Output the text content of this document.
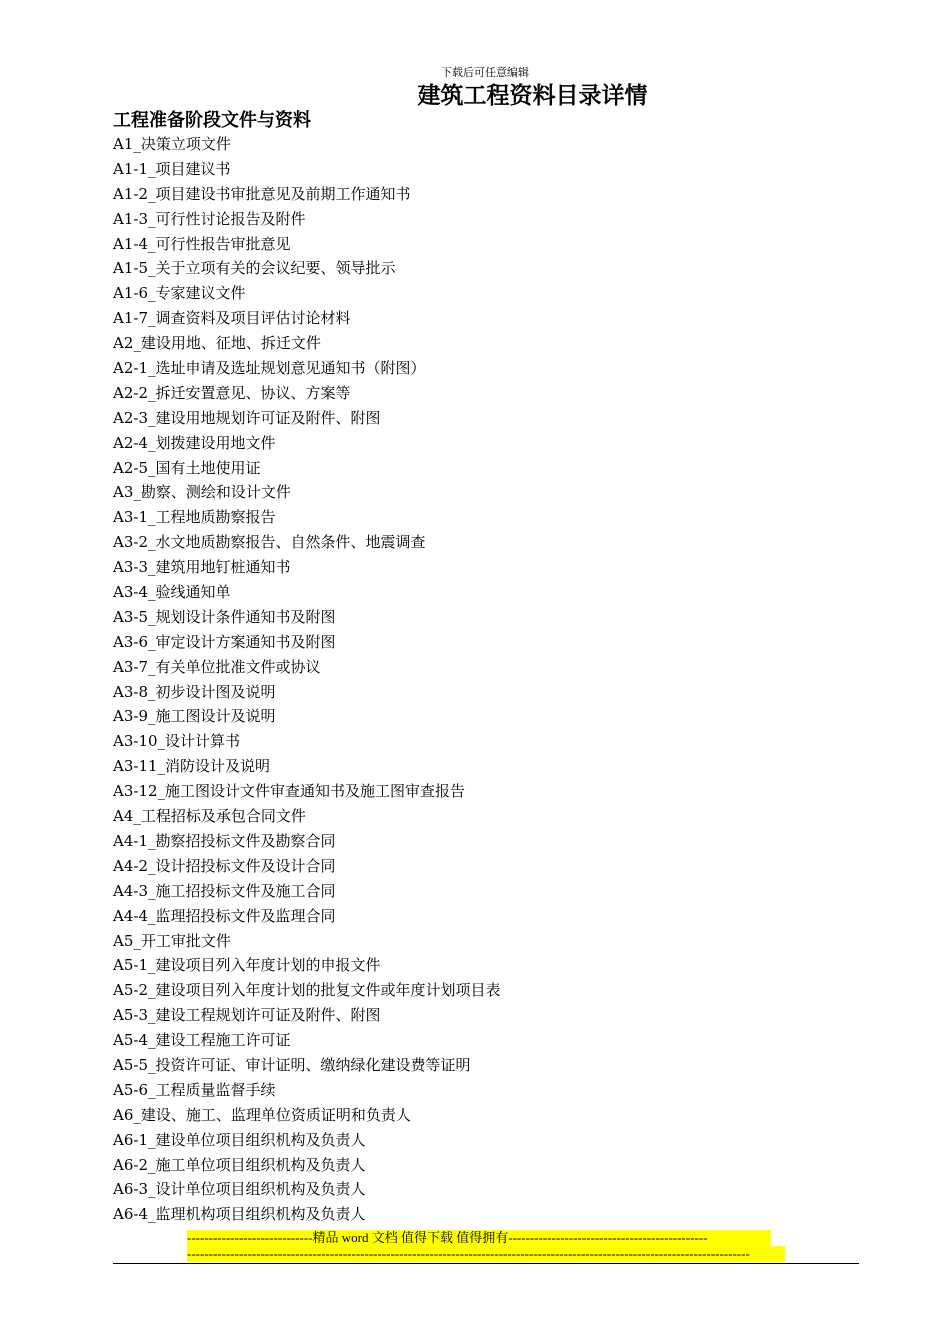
下载后可任意编辑
建筑工程资料目录详情
工程准备阶段文件与资料
A1_决策立项文件
A1-1_项目建议书
A1-2_项目建设书审批意见及前期工作通知书
A1-3_可行性讨论报告及附件
A1-4_可行性报告审批意见
A1-5_关于立项有关的会议纪要、领导批示
A1-6_专家建议文件
A1-7_调查资料及项目评估讨论材料
A2_建设用地、征地、拆迁文件
A2-1_选址申请及选址规划意见通知书（附图）
A2-2_拆迁安置意见、协议、方案等
A2-3_建设用地规划许可证及附件、附图
A2-4_划拨建设用地文件
A2-5_国有土地使用证
A3_勘察、测绘和设计文件
A3-1_工程地质勘察报告
A3-2_水文地质勘察报告、自然条件、地震调查
A3-3_建筑用地钉桩通知书
A3-4_验线通知单
A3-5_规划设计条件通知书及附图
A3-6_审定设计方案通知书及附图
A3-7_有关单位批准文件或协议
A3-8_初步设计图及说明
A3-9_施工图设计及说明
A3-10_设计计算书
A3-11_消防设计及说明
A3-12_施工图设计文件审查通知书及施工图审查报告
A4_工程招标及承包合同文件
A4-1_勘察招投标文件及勘察合同
A4-2_设计招投标文件及设计合同
A4-3_施工招投标文件及施工合同
A4-4_监理招投标文件及监理合同
A5_开工审批文件
A5-1_建设项目列入年度计划的申报文件
A5-2_建设项目列入年度计划的批复文件或年度计划项目表
A5-3_建设工程规划许可证及附件、附图
A5-4_建设工程施工许可证
A5-5_投资许可证、审计证明、缴纳绿化建设费等证明
A5-6_工程质量监督手续
A6_建设、施工、监理单位资质证明和负责人
A6-1_建设单位项目组织机构及负责人
A6-2_施工单位项目组织机构及负责人
A6-3_设计单位项目组织机构及负责人
A6-4_监理机构项目组织机构及负责人
-----------------------------精品 word 文档 值得下载 值得拥有----------------------------------------------
----------------------------------------------------------------------------------------------------------------------------------
